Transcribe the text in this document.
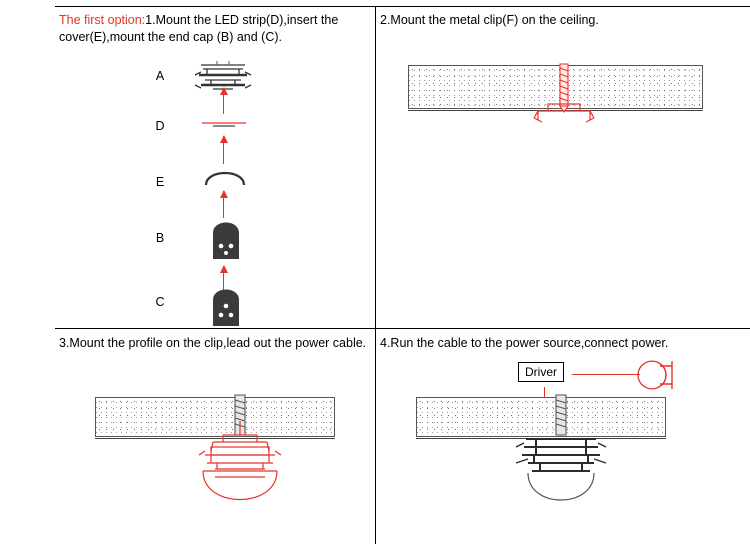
The first option:1.Mount the LED strip(D),insert the cover(E),mount the end cap (B) and (C).
A
D
E
B
C
2.Mount the metal clip(F) on the ceiling.
3.Mount the profile on the clip,lead out the power cable.	4.Run the cable to the power source,connect power.
Driver
